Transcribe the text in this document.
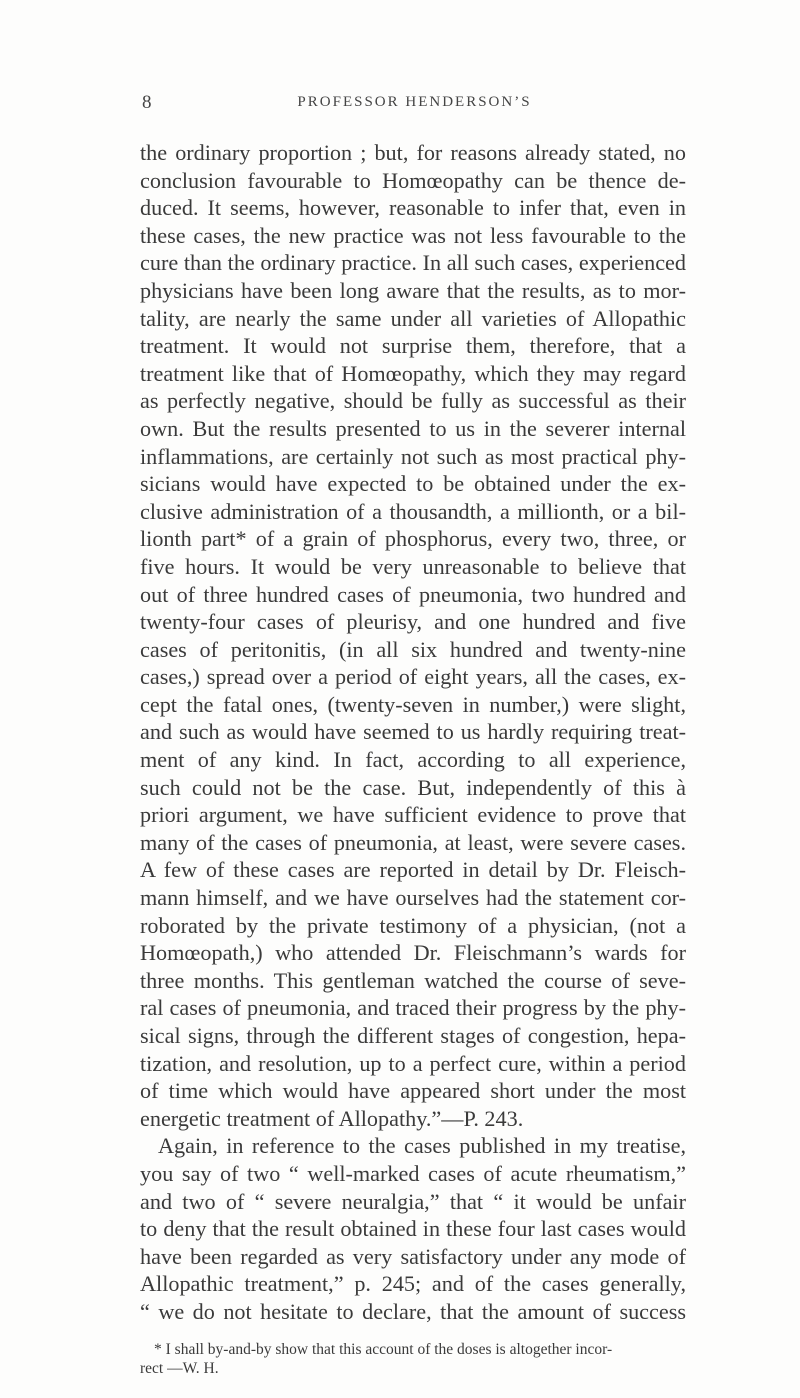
8	PROFESSOR HENDERSON’S
the ordinary proportion ; but, for reasons already stated, no
conclusion favourable to Homœopathy can be thence de-
duced. It seems, however, reasonable to infer that, even in
these cases, the new practice was not less favourable to the
cure than the ordinary practice. In all such cases, experienced
physicians have been long aware that the results, as to mor-
tality, are nearly the same under all varieties of Allopathic
treatment. It would not surprise them, therefore, that a
treatment like that of Homœopathy, which they may regard
as perfectly negative, should be fully as successful as their
own. But the results presented to us in the severer internal
inflammations, are certainly not such as most practical phy-
sicians would have expected to be obtained under the ex-
clusive administration of a thousandth, a millionth, or a bil-
lionth part* of a grain of phosphorus, every two, three, or
five hours. It would be very unreasonable to believe that
out of three hundred cases of pneumonia, two hundred and
twenty-four cases of pleurisy, and one hundred and five
cases of peritonitis, (in all six hundred and twenty-nine
cases,) spread over a period of eight years, all the cases, ex-
cept the fatal ones, (twenty-seven in number,) were slight,
and such as would have seemed to us hardly requiring treat-
ment of any kind. In fact, according to all experience,
such could not be the case. But, independently of this à
priori argument, we have sufficient evidence to prove that
many of the cases of pneumonia, at least, were severe cases.
A few of these cases are reported in detail by Dr. Fleisch-
mann himself, and we have ourselves had the statement cor-
roborated by the private testimony of a physician, (not a
Homœopath,) who attended Dr. Fleischmann’s wards for
three months. This gentleman watched the course of seve-
ral cases of pneumonia, and traced their progress by the phy-
sical signs, through the different stages of congestion, hepa-
tization, and resolution, up to a perfect cure, within a period
of time which would have appeared short under the most
energetic treatment of Allopathy.”—P. 243.
Again, in reference to the cases published in my treatise,
you say of two “ well-marked cases of acute rheumatism,”
and two of “ severe neuralgia,” that “ it would be unfair
to deny that the result obtained in these four last cases would
have been regarded as very satisfactory under any mode of
Allopathic treatment,” p. 245; and of the cases generally,
“ we do not hesitate to declare, that the amount of success
* I shall by-and-by show that this account of the doses is altogether incor-
rect —W. H.
